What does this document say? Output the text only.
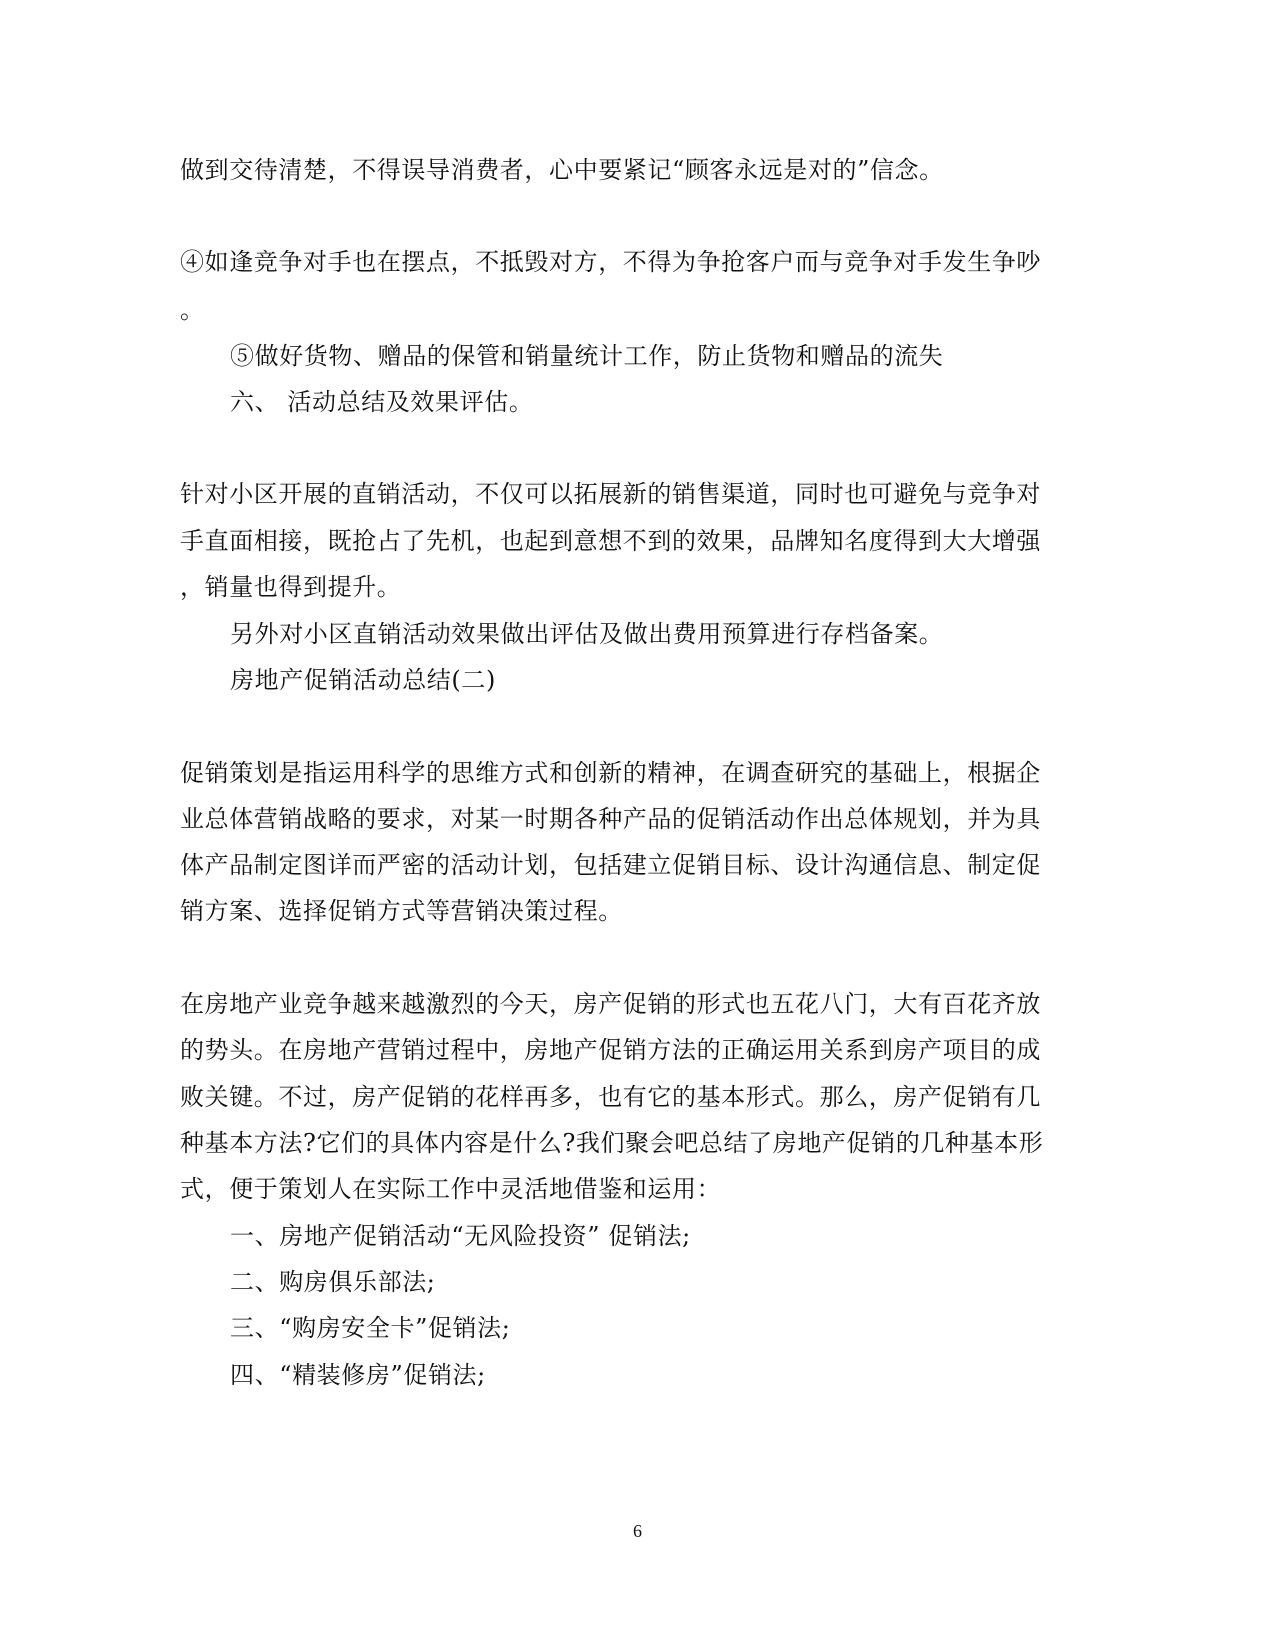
做到交待清楚，不得误导消费者，心中要紧记“顾客永远是对的”信念。
④如逢竞争对手也在摆点，不抵毁对方，不得为争抢客户而与竞争对手发生争吵
。
⑤做好货物、赠品的保管和销量统计工作，防止货物和赠品的流失
六、 活动总结及效果评估。
针对小区开展的直销活动，不仅可以拓展新的销售渠道，同时也可避免与竞争对
手直面相接，既抢占了先机，也起到意想不到的效果，品牌知名度得到大大增强
，销量也得到提升。
另外对小区直销活动效果做出评估及做出费用预算进行存档备案。
房地产促销活动总结(二)
促销策划是指运用科学的思维方式和创新的精神，在调查研究的基础上，根据企
业总体营销战略的要求，对某一时期各种产品的促销活动作出总体规划，并为具
体产品制定图详而严密的活动计划，包括建立促销目标、设计沟通信息、制定促
销方案、选择促销方式等营销决策过程。
在房地产业竞争越来越激烈的今天，房产促销的形式也五花八门，大有百花齐放
的势头。在房地产营销过程中，房地产促销方法的正确运用关系到房产项目的成
败关键。不过，房产促销的花样再多，也有它的基本形式。那么，房产促销有几
种基本方法?它们的具体内容是什么?我们聚会吧总结了房地产促销的几种基本形
式，便于策划人在实际工作中灵活地借鉴和运用：
一、房地产促销活动“无风险投资” 促销法;
二、购房俱乐部法;
三、“购房安全卡”促销法;
四、“精装修房”促销法;
6
